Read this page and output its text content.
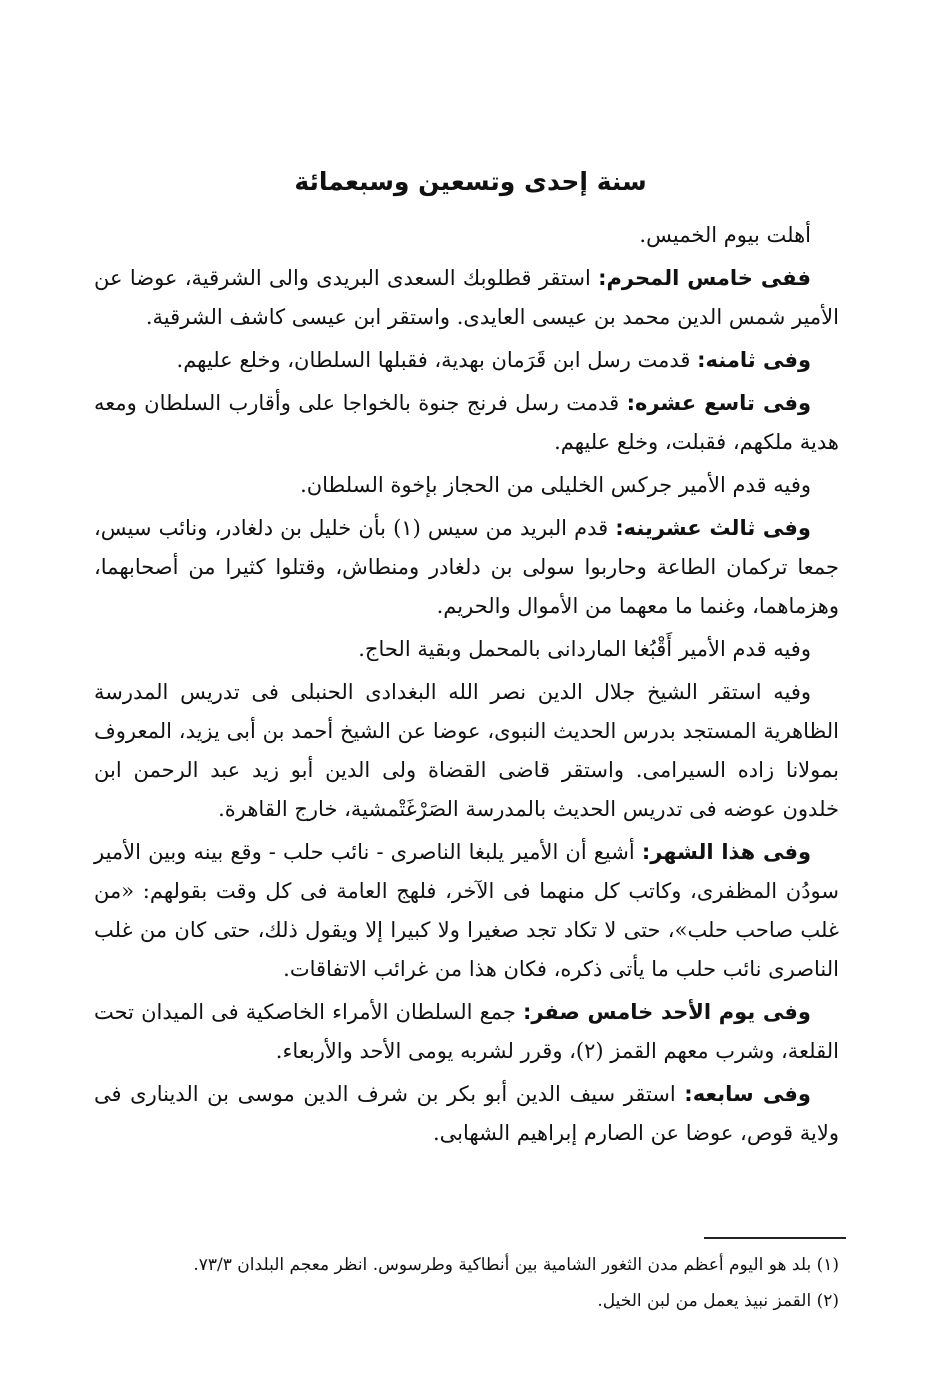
سنة إحدى وتسعين وسبعمائة

أهلت بيوم الخميس.

ففى خامس المحرم: استقر قطلوبك السعدى البريدى والى الشرقية، عوضا عن الأمير شمس الدين محمد بن عيسى العايدى. واستقر ابن عيسى كاشف الشرقية.

وفى ثامنه: قدمت رسل ابن قَرَمان بهدية، فقبلها السلطان، وخلع عليهم.

وفى تاسع عشره: قدمت رسل فرنج جنوة بالخواجا على وأقارب السلطان ومعه هدية ملكهم، فقبلت، وخلع عليهم.

وفيه قدم الأمير جركس الخليلى من الحجاز بإخوة السلطان.

وفى ثالث عشرينه: قدم البريد من سيس (١) بأن خليل بن دلغادر، ونائب سيس، جمعا تركمان الطاعة وحاربوا سولى بن دلغادر ومنطاش، وقتلوا كثيرا من أصحابهما، وهزماهما، وغنما ما معهما من الأموال والحريم.

وفيه قدم الأمير أَقْبُغا الماردانى بالمحمل وبقية الحاج.

وفيه استقر الشيخ جلال الدين نصر الله البغدادى الحنبلى فى تدريس المدرسة الظاهرية المستجد بدرس الحديث النبوى، عوضا عن الشيخ أحمد بن أبى يزيد، المعروف بمولانا زاده السيرامى. واستقر قاضى القضاة ولى الدين أبو زيد عبد الرحمن ابن خلدون عوضه فى تدريس الحديث بالمدرسة الصَرْغَتْمشية، خارج القاهرة.

وفى هذا الشهر: أشيع أن الأمير يلبغا الناصرى - نائب حلب - وقع بينه وبين الأمير سودُن المظفرى، وكاتب كل منهما فى الآخر، فلهج العامة فى كل وقت بقولهم: «من غلب صاحب حلب»، حتى لا تكاد تجد صغيرا ولا كبيرا إلا ويقول ذلك، حتى كان من غلب الناصرى نائب حلب ما يأتى ذكره، فكان هذا من غرائب الاتفاقات.

وفى يوم الأحد خامس صفر: جمع السلطان الأمراء الخاصكية فى الميدان تحت القلعة، وشرب معهم القمز (٢)، وقرر لشربه يومى الأحد والأربعاء.

وفى سابعه: استقر سيف الدين أبو بكر بن شرف الدين موسى بن الدينارى فى ولاية قوص، عوضا عن الصارم إبراهيم الشهابى.

(١) بلد هو اليوم أعظم مدن الثغور الشامية بين أنطاكية وطرسوس. انظر معجم البلدان ٧٣/٣.

(٢) القمز نبيذ يعمل من لبن الخيل.
